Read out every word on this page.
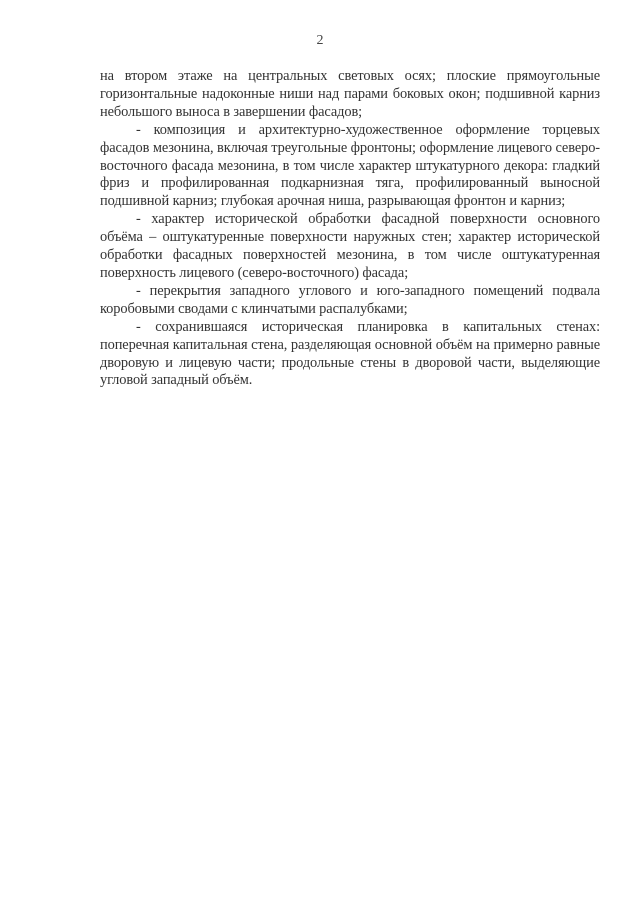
2

на втором этаже на центральных световых осях; плоские прямоугольные горизонтальные надоконные ниши над парами боковых окон; подшивной карниз небольшого выноса в завершении фасадов;

- композиция и архитектурно-художественное оформление торцевых фасадов мезонина, включая треугольные фронтоны; оформление лицевого северо-восточного фасада мезонина, в том числе характер штукатурного декора: гладкий фриз и профилированная подкарнизная тяга, профилированный выносной подшивной карниз; глубокая арочная ниша, разрывающая фронтон и карниз;

- характер исторической обработки фасадной поверхности основного объёма – оштукатуренные поверхности наружных стен; характер исторической обработки фасадных поверхностей мезонина, в том числе оштукатуренная поверхность лицевого (северо-восточного) фасада;

- перекрытия западного углового и юго-западного помещений подвала коробовыми сводами с клинчатыми распалубками;

- сохранившаяся историческая планировка в капитальных стенах: поперечная капитальная стена, разделяющая основной объём на примерно равные дворовую и лицевую части; продольные стены в дворовой части, выделяющие угловой западный объём.
